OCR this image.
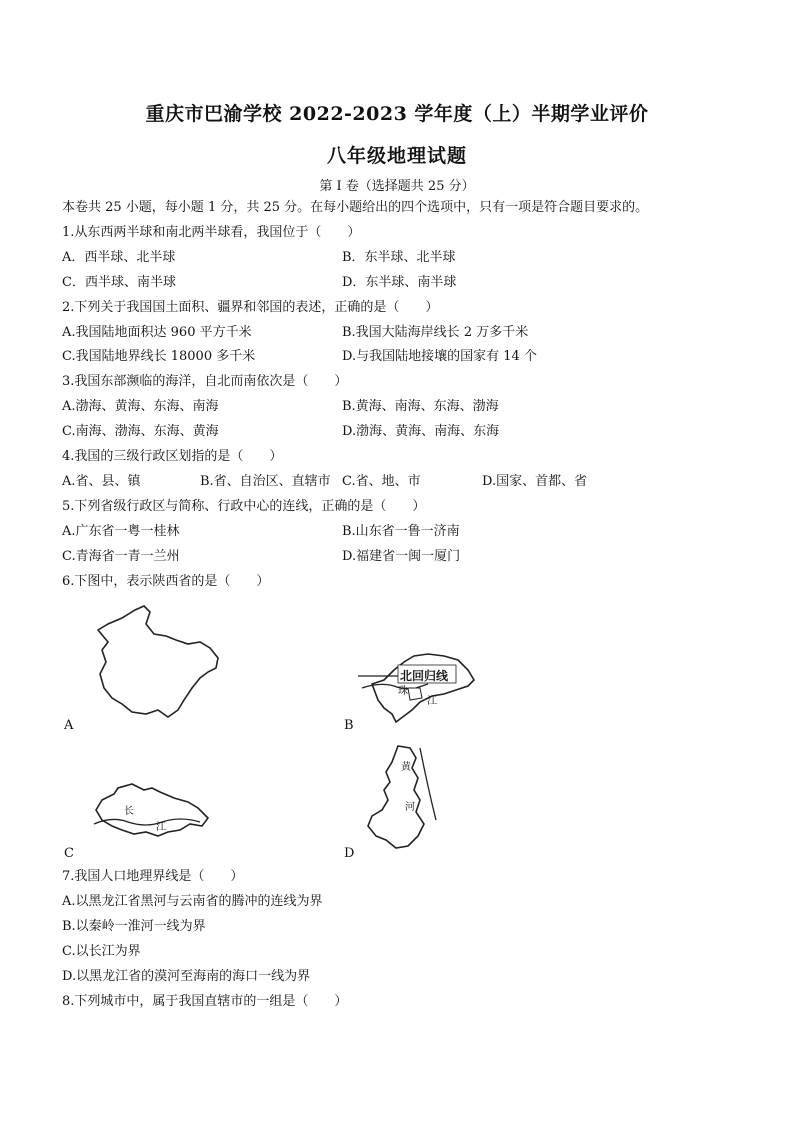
重庆市巴渝学校 2022-2023 学年度（上）半期学业评价
八年级地理试题
第 I 卷（选择题共 25 分）
本卷共 25 小题，每小题 1 分，共 25 分。在每小题给出的四个选项中，只有一项是符合题目要求的。
1.从东西两半球和南北两半球看，我国位于（　　）
A．西半球、北半球	B．东半球、北半球
C．西半球、南半球	D．东半球、南半球
2.下列关于我国国土面积、疆界和邻国的表述，正确的是（　　）
A.我国陆地面积达 960 平方千米	B.我国大陆海岸线长 2 万多千米
C.我国陆地界线长 18000 多千米	D.与我国陆地接壤的国家有 14 个
3.我国东部濒临的海洋，自北而南依次是（　　）
A.渤海、黄海、东海、南海	B.黄海、南海、东海、渤海
C.南海、渤海、东海、黄海	D.渤海、黄海、南海、东海
4.我国的三级行政区划指的是（　　）
A.省、县、镇	B.省、自治区、直辖市 C.省、地、市	D.国家、首都、省
5.下列省级行政区与简称、行政中心的连线，正确的是（　　）
A.广东省一粤一桂林	B.山东省一鲁一济南
C.青海省一青一兰州	D.福建省一闽一厦门
6.下图中，表示陕西省的是（　　）
A
北回归线
珠
江
B
长
江
C
黄
河
D
7.我国人口地理界线是（　　）
A.以黑龙江省黑河与云南省的腾冲的连线为界
B.以秦岭一淮河一线为界
C.以长江为界
D.以黑龙江省的漠河至海南的海口一线为界
8.下列城市中，属于我国直辖市的一组是（　　）
